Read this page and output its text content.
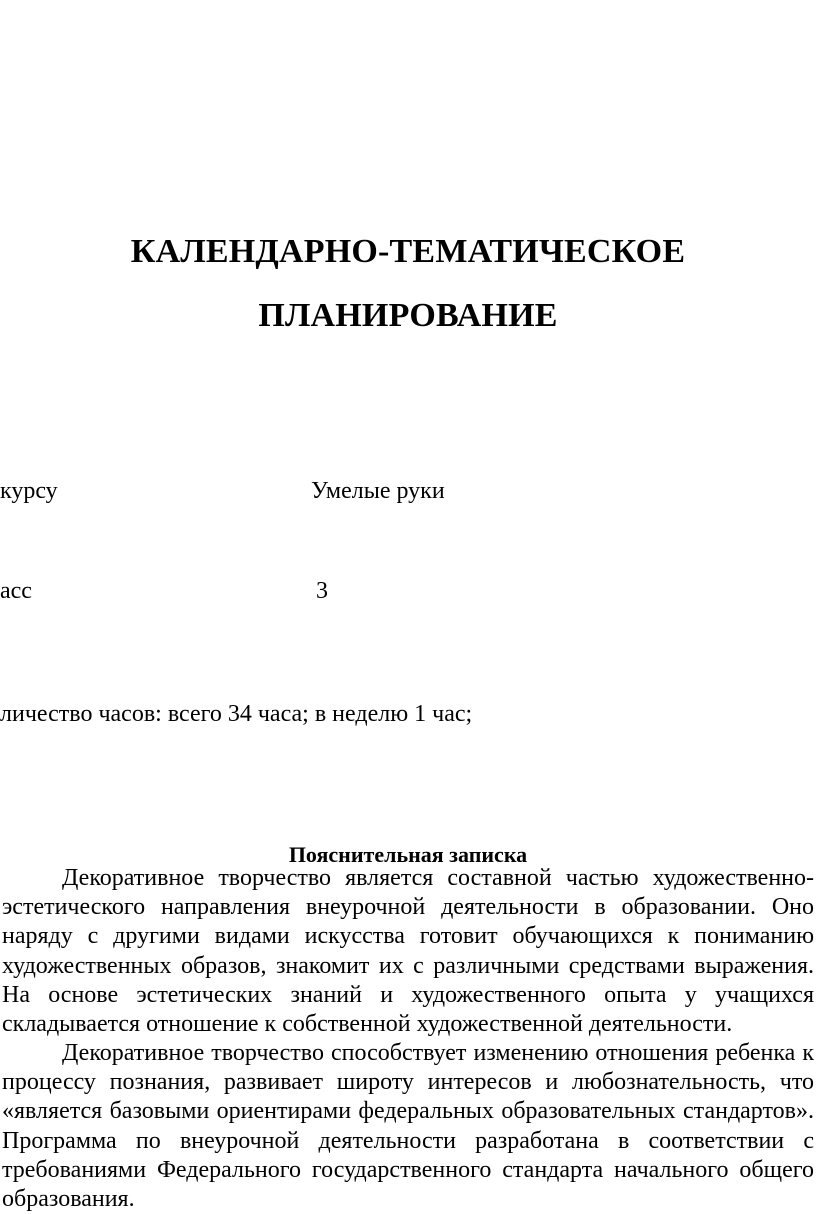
КАЛЕНДАРНО-ТЕМАТИЧЕСКОЕ
ПЛАНИРОВАНИЕ
курсу	Умелые руки
асс	3
личество часов: всего 34 часа; в неделю 1 час;
Пояснительная записка
Декоративное творчество является составной частью художественно-эстетического направления внеурочной деятельности в образовании. Оно наряду с другими видами искусства готовит обучающихся к пониманию художественных образов, знакомит их с различными средствами выражения. На основе эстетических знаний и художественного опыта у учащихся складывается отношение к собственной художественной деятельности.
Декоративное творчество способствует изменению отношения ребенка к процессу познания, развивает широту интересов и любознательность, что «является базовыми ориентирами федеральных образовательных стандартов». Программа по внеурочной деятельности разработана в соответствии с требованиями Федерального государственного стандарта начального общего образования.
